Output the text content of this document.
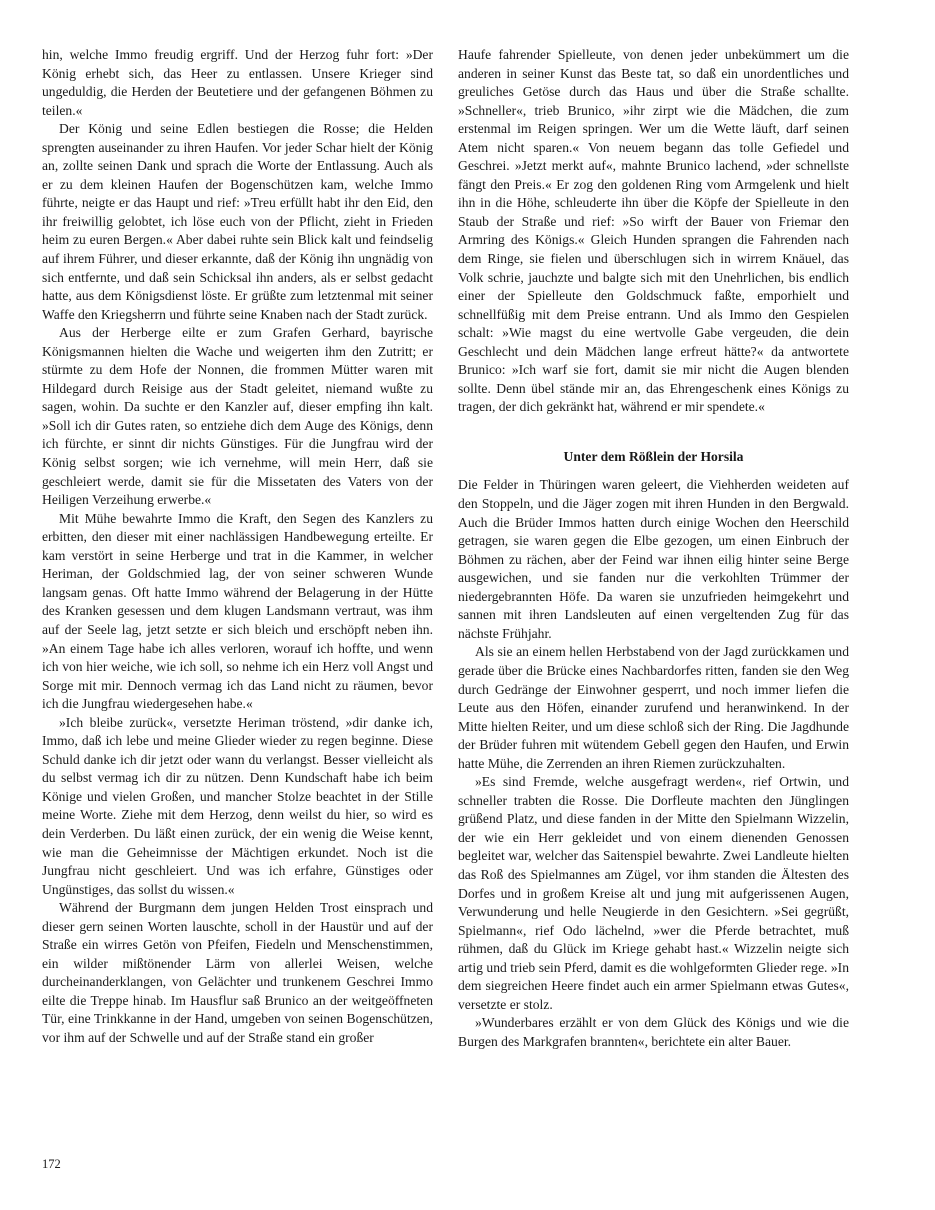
hin, welche Immo freudig ergriff. Und der Herzog fuhr fort: »Der König erhebt sich, das Heer zu entlassen. Unsere Krieger sind ungeduldig, die Herden der Beutetiere und der gefangenen Böhmen zu teilen.«

Der König und seine Edlen bestiegen die Rosse; die Helden sprengten auseinander zu ihren Haufen. Vor jeder Schar hielt der König an, zollte seinen Dank und sprach die Worte der Entlassung. Auch als er zu dem kleinen Haufen der Bogenschützen kam, welche Immo führte, neigte er das Haupt und rief: »Treu erfüllt habt ihr den Eid, den ihr freiwillig gelobtet, ich löse euch von der Pflicht, zieht in Frieden heim zu euren Bergen.« Aber dabei ruhte sein Blick kalt und feindselig auf ihrem Führer, und dieser erkannte, daß der König ihn ungnädig von sich entfernte, und daß sein Schicksal ihn anders, als er selbst gedacht hatte, aus dem Königsdienst löste. Er grüßte zum letztenmal mit seiner Waffe den Kriegsherrn und führte seine Knaben nach der Stadt zurück.

Aus der Herberge eilte er zum Grafen Gerhard, bayrische Königsmannen hielten die Wache und weigerten ihm den Zutritt; er stürmte zu dem Hofe der Nonnen, die frommen Mütter waren mit Hildegard durch Reisige aus der Stadt geleitet, niemand wußte zu sagen, wohin. Da suchte er den Kanzler auf, dieser empfing ihn kalt. »Soll ich dir Gutes raten, so entziehe dich dem Auge des Königs, denn ich fürchte, er sinnt dir nichts Günstiges. Für die Jungfrau wird der König selbst sorgen; wie ich vernehme, will mein Herr, daß sie geschleiert werde, damit sie für die Missetaten des Vaters von der Heiligen Verzeihung erwerbe.«

Mit Mühe bewahrte Immo die Kraft, den Segen des Kanzlers zu erbitten, den dieser mit einer nachlässigen Handbewegung erteilte. Er kam verstört in seine Herberge und trat in die Kammer, in welcher Heriman, der Goldschmied lag, der von seiner schweren Wunde langsam genas. Oft hatte Immo während der Belagerung in der Hütte des Kranken gesessen und dem klugen Landsmann vertraut, was ihm auf der Seele lag, jetzt setzte er sich bleich und erschöpft neben ihn. »An einem Tage habe ich alles verloren, worauf ich hoffte, und wenn ich von hier weiche, wie ich soll, so nehme ich ein Herz voll Angst und Sorge mit mir. Dennoch vermag ich das Land nicht zu räumen, bevor ich die Jungfrau wiedergesehen habe.«

»Ich bleibe zurück«, versetzte Heriman tröstend, »dir danke ich, Immo, daß ich lebe und meine Glieder wieder zu regen beginne. Diese Schuld danke ich dir jetzt oder wann du verlangst. Besser vielleicht als du selbst vermag ich dir zu nützen. Denn Kundschaft habe ich beim Könige und vielen Großen, und mancher Stolze beachtet in der Stille meine Worte. Ziehe mit dem Herzog, denn weilst du hier, so wird es dein Verderben. Du läßt einen zurück, der ein wenig die Weise kennt, wie man die Geheimnisse der Mächtigen erkundet. Noch ist die Jungfrau nicht geschleiert. Und was ich erfahre, Günstiges oder Ungünstiges, das sollst du wissen.«

Während der Burgmann dem jungen Helden Trost einsprach und dieser gern seinen Worten lauschte, scholl in der Haustür und auf der Straße ein wirres Getön von Pfeifen, Fiedeln und Menschenstimmen, ein wilder mißtönender Lärm von allerlei Weisen, welche durcheinanderklangen, von Gelächter und trunkenem Geschrei Immo eilte die Treppe hinab. Im Hausflur saß Brunico an der weitgeöffneten Tür, eine Trinkkanne in der Hand, umgeben von seinen Bogenschützen, vor ihm auf der Schwelle und auf der Straße stand ein großer

Haufe fahrender Spielleute, von denen jeder unbekümmert um die anderen in seiner Kunst das Beste tat, so daß ein unordentliches und greuliches Getöse durch das Haus und über die Straße schallte. »Schneller«, trieb Brunico, »ihr zirpt wie die Mädchen, die zum erstenmal im Reigen springen. Wer um die Wette läuft, darf seinen Atem nicht sparen.« Von neuem begann das tolle Gefiedel und Geschrei. »Jetzt merkt auf«, mahnte Brunico lachend, »der schnellste fängt den Preis.« Er zog den goldenen Ring vom Armgelenk und hielt ihn in die Höhe, schleuderte ihn über die Köpfe der Spielleute in den Staub der Straße und rief: »So wirft der Bauer von Friemar den Armring des Königs.« Gleich Hunden sprangen die Fahrenden nach dem Ringe, sie fielen und überschlugen sich in wirrem Knäuel, das Volk schrie, jauchzte und balgte sich mit den Unehrlichen, bis endlich einer der Spielleute den Goldschmuck faßte, emporhielt und schnellfüßig mit dem Preise entrann. Und als Immo den Gespielen schalt: »Wie magst du eine wertvolle Gabe vergeuden, die dein Geschlecht und dein Mädchen lange erfreut hätte?« da antwortete Brunico: »Ich warf sie fort, damit sie mir nicht die Augen blenden sollte. Denn übel stände mir an, das Ehrengeschenk eines Königs zu tragen, der dich gekränkt hat, während er mir spendete.«

Unter dem Rößlein der Horsila

Die Felder in Thüringen waren geleert, die Viehherden weideten auf den Stoppeln, und die Jäger zogen mit ihren Hunden in den Bergwald. Auch die Brüder Immos hatten durch einige Wochen den Heerschild getragen, sie waren gegen die Elbe gezogen, um einen Einbruch der Böhmen zu rächen, aber der Feind war ihnen eilig hinter seine Berge ausgewichen, und sie fanden nur die verkohlten Trümmer der niedergebrannten Höfe. Da waren sie unzufrieden heimgekehrt und sannen mit ihren Landsleuten auf einen vergeltenden Zug für das nächste Frühjahr.

Als sie an einem hellen Herbstabend von der Jagd zurückkamen und gerade über die Brücke eines Nachbardorfes ritten, fanden sie den Weg durch Gedränge der Einwohner gesperrt, und noch immer liefen die Leute aus den Höfen, einander zurufend und heranwinkend. In der Mitte hielten Reiter, und um diese schloß sich der Ring. Die Jagdhunde der Brüder fuhren mit wütendem Gebell gegen den Haufen, und Erwin hatte Mühe, die Zerrenden an ihren Riemen zurückzuhalten.

»Es sind Fremde, welche ausgefragt werden«, rief Ortwin, und schneller trabten die Rosse. Die Dorfleute machten den Jünglingen grüßend Platz, und diese fanden in der Mitte den Spielmann Wizzelin, der wie ein Herr gekleidet und von einem dienenden Genossen begleitet war, welcher das Saitenspiel bewahrte. Zwei Landleute hielten das Roß des Spielmannes am Zügel, vor ihm standen die Ältesten des Dorfes und in großem Kreise alt und jung mit aufgerissenen Augen, Verwunderung und helle Neugierde in den Gesichtern. »Sei gegrüßt, Spielmann«, rief Odo lächelnd, »wer die Pferde betrachtet, muß rühmen, daß du Glück im Kriege gehabt hast.« Wizzelin neigte sich artig und trieb sein Pferd, damit es die wohlgeformten Glieder rege. »In dem siegreichen Heere findet auch ein armer Spielmann etwas Gutes«, versetzte er stolz.

»Wunderbares erzählt er von dem Glück des Königs und wie die Burgen des Markgrafen brannten«, berichtete ein alter Bauer.

172
